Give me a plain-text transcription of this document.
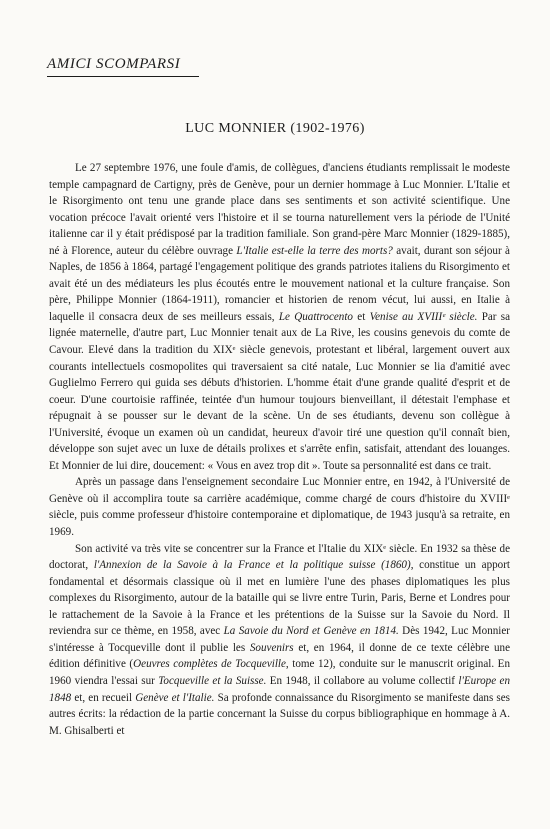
AMICI SCOMPARSI
LUC MONNIER (1902-1976)

Le 27 septembre 1976, une foule d'amis, de collègues, d'anciens étudiants remplissait le modeste temple campagnard de Cartigny, près de Genève, pour un dernier hommage à Luc Monnier. L'Italie et le Risorgimento ont tenu une grande place dans ses sentiments et son activité scientifique. Une vocation précoce l'avait orienté vers l'histoire et il se tourna naturellement vers la période de l'Unité italienne car il y était prédisposé par la tradition familiale. Son grand-père Marc Monnier (1829-1885), né à Florence, auteur du célèbre ouvrage L'Italie est-elle la terre des morts? avait, durant son séjour à Naples, de 1856 à 1864, partagé l'engagement politique des grands patriotes italiens du Risorgimento et avait été un des médiateurs les plus écoutés entre le mouvement national et la culture française. Son père, Philippe Monnier (1864-1911), romancier et historien de renom vécut, lui aussi, en Italie à laquelle il consacra deux de ses meilleurs essais, Le Quattrocento et Venise au XVIIIᵉ siècle. Par sa lignée maternelle, d'autre part, Luc Monnier tenait aux de La Rive, les cousins genevois du comte de Cavour. Elevé dans la tradition du XIXᵉ siècle genevois, protestant et libéral, largement ouvert aux courants intellectuels cosmopolites qui traversaient sa cité natale, Luc Monnier se lia d'amitié avec Guglielmo Ferrero qui guida ses débuts d'historien. L'homme était d'une grande qualité d'esprit et de coeur. D'une courtoisie raffinée, teintée d'un humour toujours bienveillant, il détestait l'emphase et répugnait à se pousser sur le devant de la scène. Un de ses étudiants, devenu son collègue à l'Université, évoque un examen où un candidat, heureux d'avoir tiré une question qu'il connaît bien, développe son sujet avec un luxe de détails prolixes et s'arrête enfin, satisfait, attendant des louanges. Et Monnier de lui dire, doucement: « Vous en avez trop dit ». Toute sa personnalité est dans ce trait.

Après un passage dans l'enseignement secondaire Luc Monnier entre, en 1942, à l'Université de Genève où il accomplira toute sa carrière académique, comme chargé de cours d'histoire du XVIIIᵉ siècle, puis comme professeur d'histoire contemporaine et diplomatique, de 1943 jusqu'à sa retraite, en 1969.

Son activité va très vite se concentrer sur la France et l'Italie du XIXᵉ siècle. En 1932 sa thèse de doctorat, l'Annexion de la Savoie à la France et la politique suisse (1860), constitue un apport fondamental et désormais classique où il met en lumière l'une des phases diplomatiques les plus complexes du Risorgimento, autour de la bataille qui se livre entre Turin, Paris, Berne et Londres pour le rattachement de la Savoie à la France et les prétentions de la Suisse sur la Savoie du Nord. Il reviendra sur ce thème, en 1958, avec La Savoie du Nord et Genève en 1814. Dès 1942, Luc Monnier s'intéresse à Tocqueville dont il publie les Souvenirs et, en 1964, il donne de ce texte célèbre une édition définitive (Oeuvres complètes de Tocqueville, tome 12), conduite sur le manuscrit original. En 1960 viendra l'essai sur Tocqueville et la Suisse. En 1948, il collabore au volume collectif l'Europe en 1848 et, en recueil Genève et l'Italie. Sa profonde connaissance du Risorgimento se manifeste dans ses autres écrits: la rédaction de la partie concernant la Suisse du corpus bibliographique en hommage à A. M. Ghisalberti et
